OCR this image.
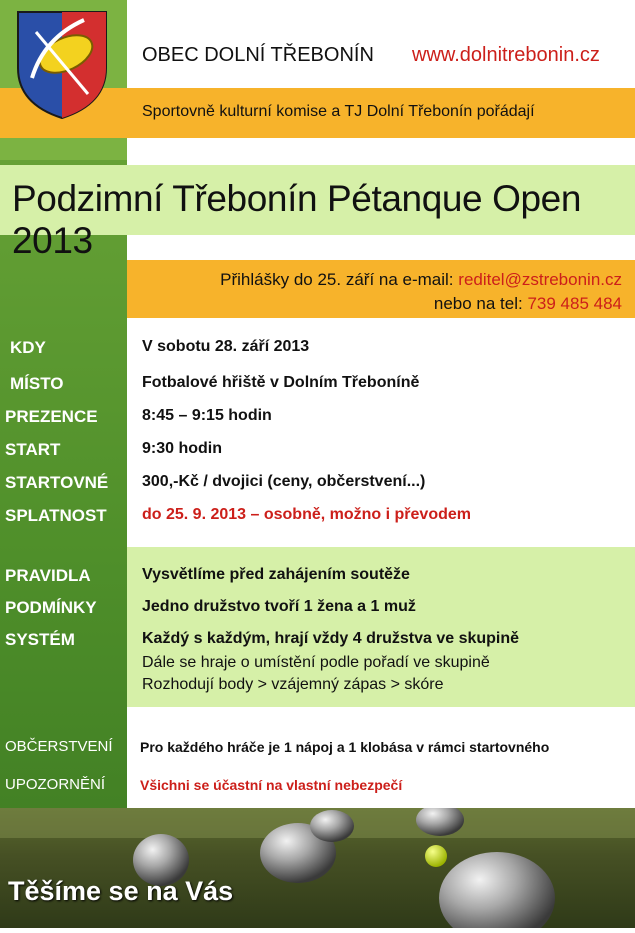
OBEC DOLNÍ TŘEBONÍN www.dolnitrebonin.cz
Sportovně kulturní komise a TJ Dolní Třebonín pořádají
Podzimní Třebonín Pétanque Open 2013
Přihlášky do 25. září na e-mail: reditel@zstrebonin.cz
nebo na tel: 739 485 484
KDY	V sobotu 28. září 2013
MÍSTO	Fotbalové hřiště v Dolním Třeboníně
PREZENCE	8:45 – 9:15 hodin
START	9:30 hodin
STARTOVNÉ 300,-Kč / dvojici (ceny, občerstvení...)
SPLATNOST do 25. 9. 2013 – osobně, možno i převodem
PRAVIDLA	Vysvětlíme před zahájením soutěže
PODMÍNKY	Jedno družstvo tvoří 1 žena a 1 muž
SYSTÉM	Každý s každým, hrají vždy 4 družstva ve skupině
Dále se hraje o umístění podle pořadí ve skupině
Rozhodují body > vzájemný zápas > skóre
OBČERSTVENÍ Pro každého hráče je 1 nápoj a 1 klobása v rámci startovného
UPOZORNĚNÍ Všichni se účastní na vlastní nebezpečí
Těšíme se na Vás
